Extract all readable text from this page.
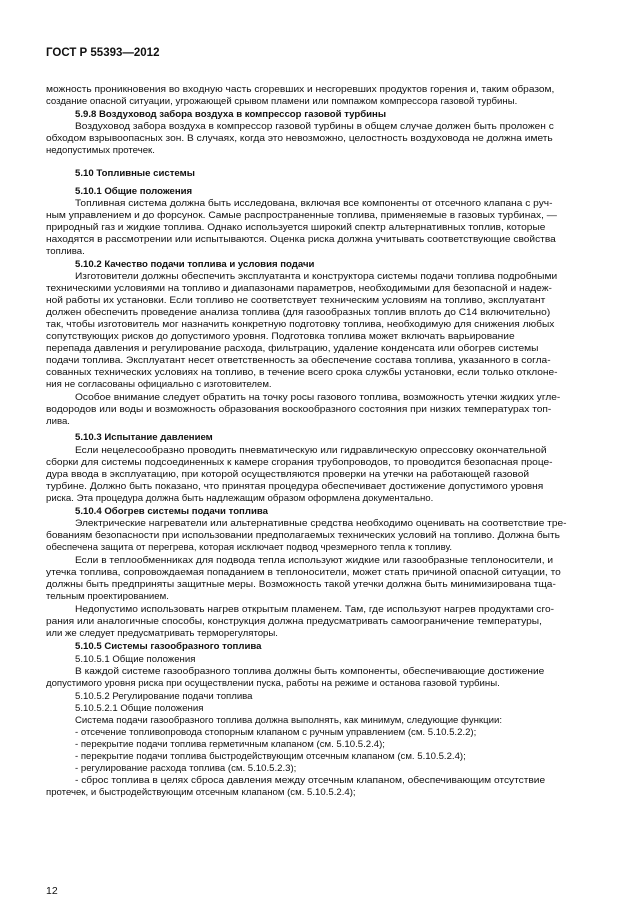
ГОСТ Р 55393—2012
можность проникновения во входную часть сгоревших и несгоревших продуктов горения и, таким образом,
создание опасной ситуации, угрожающей срывом пламени или помпажом компрессора газовой турбины.
5.9.8 Воздуховод забора воздуха в компрессор газовой турбины
Воздуховод забора воздуха в компрессор газовой турбины в общем случае должен быть проложен с
обходом взрывоопасных зон. В случаях, когда это невозможно, целостность воздуховода не должна иметь
недопустимых протечек.
5.10 Топливные системы
5.10.1 Общие положения
Топливная система должна быть исследована, включая все компоненты от отсечного клапана с руч-
ным управлением и до форсунок. Самые распространенные топлива, применяемые в газовых турбинах, —
природный газ и жидкие топлива. Однако используется широкий спектр альтернативных топлив, которые
находятся в рассмотрении или испытываются. Оценка риска должна учитывать соответствующие свойства
топлива.
5.10.2 Качество подачи топлива и условия подачи
Изготовители должны обеспечить эксплуатанта и конструктора системы подачи топлива подробными
техническими условиями на топливо и диапазонами параметров, необходимыми для безопасной и надеж-
ной работы их установки. Если топливо не соответствует техническим условиям на топливо, эксплуатант
должен обеспечить проведение анализа топлива (для газообразных топлив вплоть до С14 включительно)
так, чтобы изготовитель мог назначить конкретную подготовку топлива, необходимую для снижения любых
сопутствующих рисков до допустимого уровня. Подготовка топлива может включать варьирование
перепада давления и регулирование расхода, фильтрацию, удаление конденсата или обогрев системы
подачи топлива. Эксплуатант несет ответственность за обеспечение состава топлива, указанного в согла-
сованных технических условиях на топливо, в течение всего срока службы установки, если только отклоне-
ния не согласованы официально с изготовителем.
Особое внимание следует обратить на точку росы газового топлива, возможность утечки жидких угле-
водородов или воды и возможность образования воскообразного состояния при низких температурах топ-
лива.
5.10.3 Испытание давлением
Если нецелесообразно проводить пневматическую или гидравлическую опрессовку окончательной
сборки для системы подсоединенных к камере сгорания трубопроводов, то проводится безопасная проце-
дура ввода в эксплуатацию, при которой осуществляются проверки на утечки на работающей газовой
турбине. Должно быть показано, что принятая процедура обеспечивает достижение допустимого уровня
риска. Эта процедура должна быть надлежащим образом оформлена документально.
5.10.4 Обогрев системы подачи топлива
Электрические нагреватели или альтернативные средства необходимо оценивать на соответствие тре-
бованиям безопасности при использовании предполагаемых технических условий на топливо. Должна быть
обеспечена защита от перегрева, которая исключает подвод чрезмерного тепла к топливу.
Если в теплообменниках для подвода тепла используют жидкие или газообразные теплоносители, и
утечка топлива, сопровождаемая попаданием в теплоносители, может стать причиной опасной ситуации, то
должны быть предприняты защитные меры. Возможность такой утечки должна быть минимизирована тща-
тельным проектированием.
Недопустимо использовать нагрев открытым пламенем. Там, где используют нагрев продуктами сго-
рания или аналогичные способы, конструкция должна предусматривать самоограничение температуры,
или же следует предусматривать терморегуляторы.
5.10.5 Системы газообразного топлива
5.10.5.1 Общие положения
В каждой системе газообразного топлива должны быть компоненты, обеспечивающие достижение
допустимого уровня риска при осуществлении пуска, работы на режиме и останова газовой турбины.
5.10.5.2 Регулирование подачи топлива
5.10.5.2.1 Общие положения
Система подачи газообразного топлива должна выполнять, как минимум, следующие функции:
- отсечение топливопровода стопорным клапаном с ручным управлением (см. 5.10.5.2.2);
- перекрытие подачи топлива герметичным клапаном (см. 5.10.5.2.4);
- перекрытие подачи топлива быстродействующим отсечным клапаном (см. 5.10.5.2.4);
- регулирование расхода топлива (см. 5.10.5.2.3);
- сброс топлива в целях сброса давления между отсечным клапаном, обеспечивающим отсутствие
протечек, и быстродействующим отсечным клапаном (см. 5.10.5.2.4);
12
